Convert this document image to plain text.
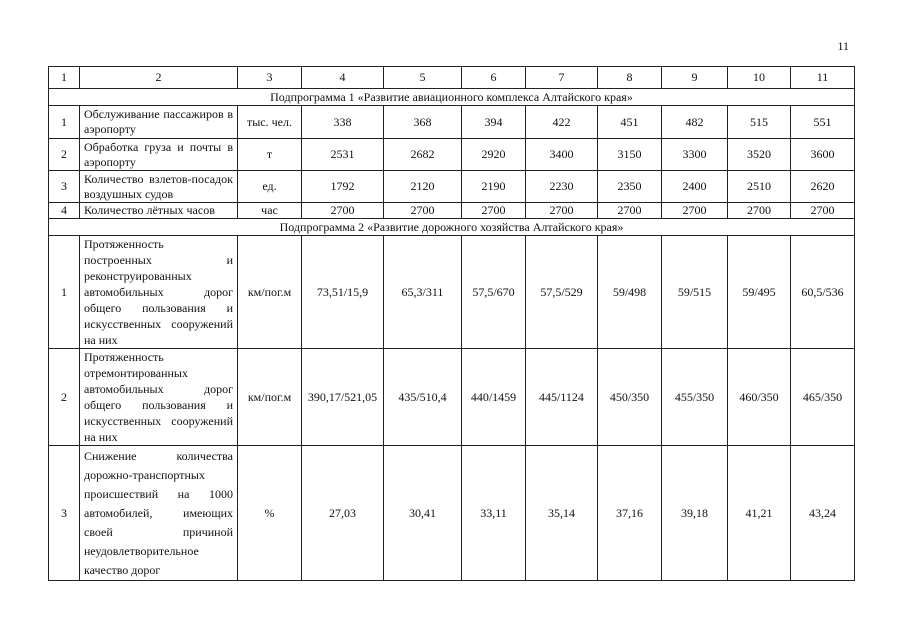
11
1	2	3	4	5	6	7	8	9	10	11
Подпрограмма 1 «Развитие авиационного комплекса Алтайского края»										
1	Обслуживание пассажиров в аэропорту	тыс. чел.	338	368	394	422	451	482	515	551
2	Обработка груза и почты в аэропорту	т	2531	2682	2920	3400	3150	3300	3520	3600
3	Количество взлетов-посадок воздушных судов	ед.	1792	2120	2190	2230	2350	2400	2510	2620
4	Количество лётных часов	час	2700	2700	2700	2700	2700	2700	2700	2700
Подпрограмма 2 «Развитие дорожного хозяйства Алтайского края»										
1	Протяженность построенных и реконструированных автомобильных дорог общего пользования и искусственных сооружений на них	км/пог.м	73,51/15,9	65,3/311	57,5/670	57,5/529	59/498	59/515	59/495	60,5/536
2	Протяженность отремонтированных автомобильных дорог общего пользования и искусственных сооружений на них	км/пог.м	390,17/521,05	435/510,4	440/1459	445/1124	450/350	455/350	460/350	465/350
3	Снижение количества дорожно-транспортных происшествий на 1000 автомобилей, имеющих своей причиной неудовлетворительное качество дорог	%	27,03	30,41	33,11	35,14	37,16	39,18	41,21	43,24
